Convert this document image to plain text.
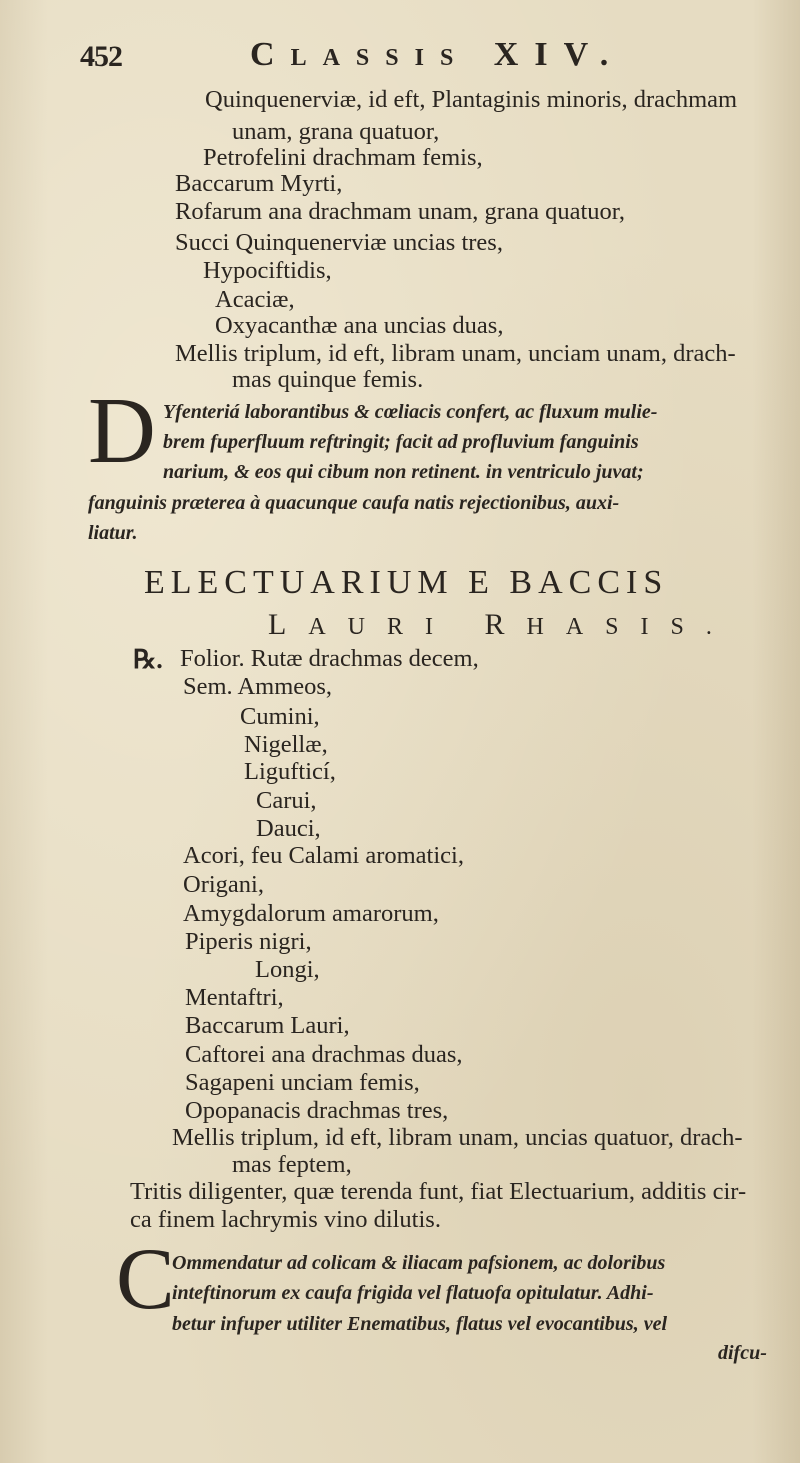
452	CLASSIS XIV.
Quinquenerviæ, id eft, Plantaginis minoris, drachmam
unam, grana quatuor,
Petrofelini drachmam femis,
Baccarum Myrti,
Rofarum ana drachmam unam, grana quatuor,
Succi Quinquenerviæ uncias tres,
Hypociftidis,
Acaciæ,
Oxyacanthæ ana uncias duas,
Mellis triplum, id eft, libram unam, unciam unam, drach-
mas quinque femis.
D Yfenteriá laborantibus & cœliacis confert, ac fluxum mulie-
brem fuperfluum reftringit; facit ad profluvium fanguinis
narium, & eos qui cibum non retinent. in ventriculo juvat;
fanguinis præterea à quacunque caufa natis rejectionibus, auxi-
liatur.
ELECTUARIUM E BACCIS
LAURI RHASIS.
℞. Folior. Rutæ drachmas decem,
Sem. Ammeos,
Cumini,
Nigellæ,
Ligufticí,
Carui,
Dauci,
Acori, feu Calami aromatici,
Origani,
Amygdalorum amarorum,
Piperis nigri,
Longi,
Mentaftri,
Baccarum Lauri,
Caftorei ana drachmas duas,
Sagapeni unciam femis,
Opopanacis drachmas tres,
Mellis triplum, id eft, libram unam, uncias quatuor, drach-
mas feptem,
Tritis diligenter, quæ terenda funt, fiat Electuarium, additis cir-
ca finem lachrymis vino dilutis.
C
Ommendatur ad colicam & iliacam pafsionem, ac doloribus
inteftinorum ex caufa frigida vel flatuofa opitulatur. Adhi-
betur infuper utiliter Enematibus, flatus vel evocantibus, vel
difcu-
